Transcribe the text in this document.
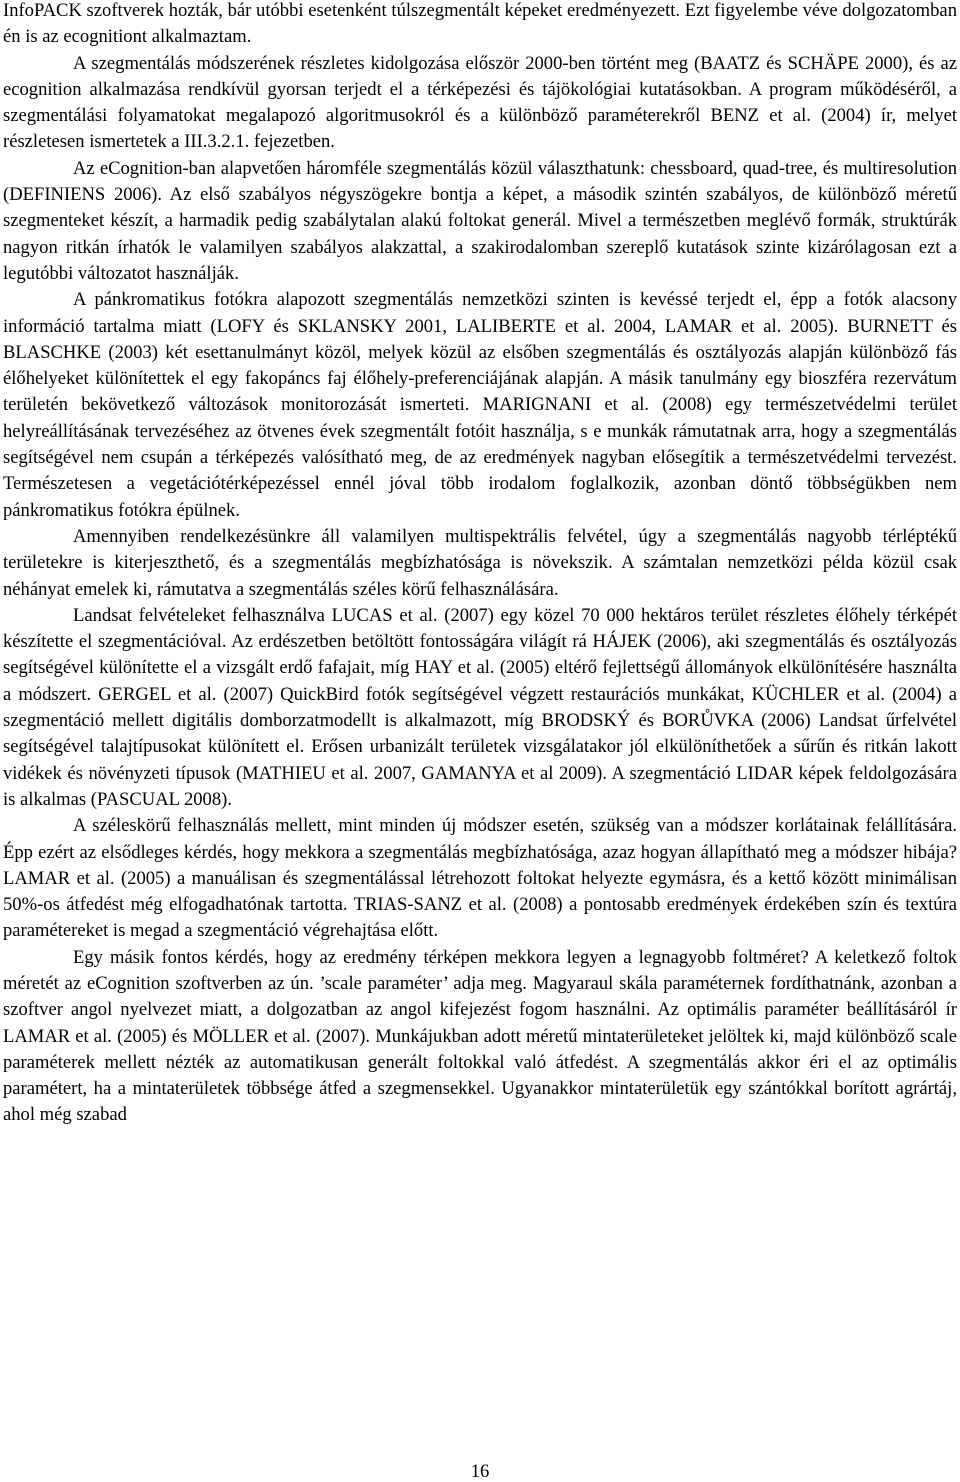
InfoPACK szoftverek hozták, bár utóbbi esetenként túlszegmentált képeket eredményezett. Ezt figyelembe véve dolgozatomban én is az ecognitiont alkalmaztam.

A szegmentálás módszerének részletes kidolgozása először 2000-ben történt meg (BAATZ és SCHÄPE 2000), és az ecognition alkalmazása rendkívül gyorsan terjedt el a térképezési és tájökológiai kutatásokban. A program működéséről, a szegmentálási folyamatokat megalapozó algoritmusokról és a különböző paraméterekről BENZ et al. (2004) ír, melyet részletesen ismertetek a III.3.2.1. fejezetben.

Az eCognition-ban alapvetően háromféle szegmentálás közül választhatunk: chessboard, quad-tree, és multiresolution (DEFINIENS 2006). Az első szabályos négyszögekre bontja a képet, a második szintén szabályos, de különböző méretű szegmenteket készít, a harmadik pedig szabálytalan alakú foltokat generál. Mivel a természetben meglévő formák, struktúrák nagyon ritkán írhatók le valamilyen szabályos alakzattal, a szakirodalomban szereplő kutatások szinte kizárólagosan ezt a legutóbbi változatot használják.

A pánkromatikus fotókra alapozott szegmentálás nemzetközi szinten is kevéssé terjedt el, épp a fotók alacsony információ tartalma miatt (LOFY és SKLANSKY 2001, LALIBERTE et al. 2004, LAMAR et al. 2005). BURNETT és BLASCHKE (2003) két esettanulmányt közöl, melyek közül az elsőben szegmentálás és osztályozás alapján különböző fás élőhelyeket különítettek el egy fakopáncs faj élőhely-preferenciájának alapján. A másik tanulmány egy bioszféra rezervátum területén bekövetkező változások monitorozását ismerteti. MARIGNANI et al. (2008) egy természetvédelmi terület helyreállításának tervezéséhez az ötvenes évek szegmentált fotóit használja, s e munkák rámutatnak arra, hogy a szegmentálás segítségével nem csupán a térképezés valósítható meg, de az eredmények nagyban elősegítik a természetvédelmi tervezést. Természetesen a vegetációtérképezéssel ennél jóval több irodalom foglalkozik, azonban döntő többségükben nem pánkromatikus fotókra épülnek.

Amennyiben rendelkezésünkre áll valamilyen multispektrális felvétel, úgy a szegmentálás nagyobb térléptékű területekre is kiterjeszthető, és a szegmentálás megbízhatósága is növekszik. A számtalan nemzetközi példa közül csak néhányat emelek ki, rámutatva a szegmentálás széles körű felhasználására.

Landsat felvételeket felhasználva LUCAS et al. (2007) egy közel 70 000 hektáros terület részletes élőhely térképét készítette el szegmentációval. Az erdészetben betöltött fontosságára világít rá HÁJEK (2006), aki szegmentálás és osztályozás segítségével különítette el a vizsgált erdő fafajait, míg HAY et al. (2005) eltérő fejlettségű állományok elkülönítésére használta a módszert. GERGEL et al. (2007) QuickBird fotók segítségével végzett restaurációs munkákat, KÜCHLER et al. (2004) a szegmentáció mellett digitális domborzatmodellt is alkalmazott, míg BRODSKÝ és BORŮVKA (2006) Landsat űrfelvétel segítségével talajtípusokat különített el. Erősen urbanizált területek vizsgálatakor jól elkülöníthetőek a sűrűn és ritkán lakott vidékek és növényzeti típusok (MATHIEU et al. 2007, GAMANYA et al 2009). A szegmentáció LIDAR képek feldolgozására is alkalmas (PASCUAL 2008).

A széleskörű felhasználás mellett, mint minden új módszer esetén, szükség van a módszer korlátainak felállítására. Épp ezért az elsődleges kérdés, hogy mekkora a szegmentálás megbízhatósága, azaz hogyan állapítható meg a módszer hibája? LAMAR et al. (2005) a manuálisan és szegmentálással létrehozott foltokat helyezte egymásra, és a kettő között minimálisan 50%-os átfedést még elfogadhatónak tartotta. TRIAS-SANZ et al. (2008) a pontosabb eredmények érdekében szín és textúra paramétereket is megad a szegmentáció végrehajtása előtt.

Egy másik fontos kérdés, hogy az eredmény térképen mekkora legyen a legnagyobb foltméret? A keletkező foltok méretét az eCognition szoftverben az ún. ’scale paraméter’ adja meg. Magyaraul skála paraméternek fordíthatnánk, azonban a szoftver angol nyelvezet miatt, a dolgozatban az angol kifejezést fogom használni. Az optimális paraméter beállításáról ír LAMAR et al. (2005) és MÖLLER et al. (2007). Munkájukban adott méretű mintaterületeket jelöltek ki, majd különböző scale paraméterek mellett nézték az automatikusan generált foltokkal való átfedést. A szegmentálás akkor éri el az optimális paramétert, ha a mintaterületek többsége átfed a szegmensekkel. Ugyanakkor mintaterületük egy szántókkal borított agrártáj, ahol még szabad

16
